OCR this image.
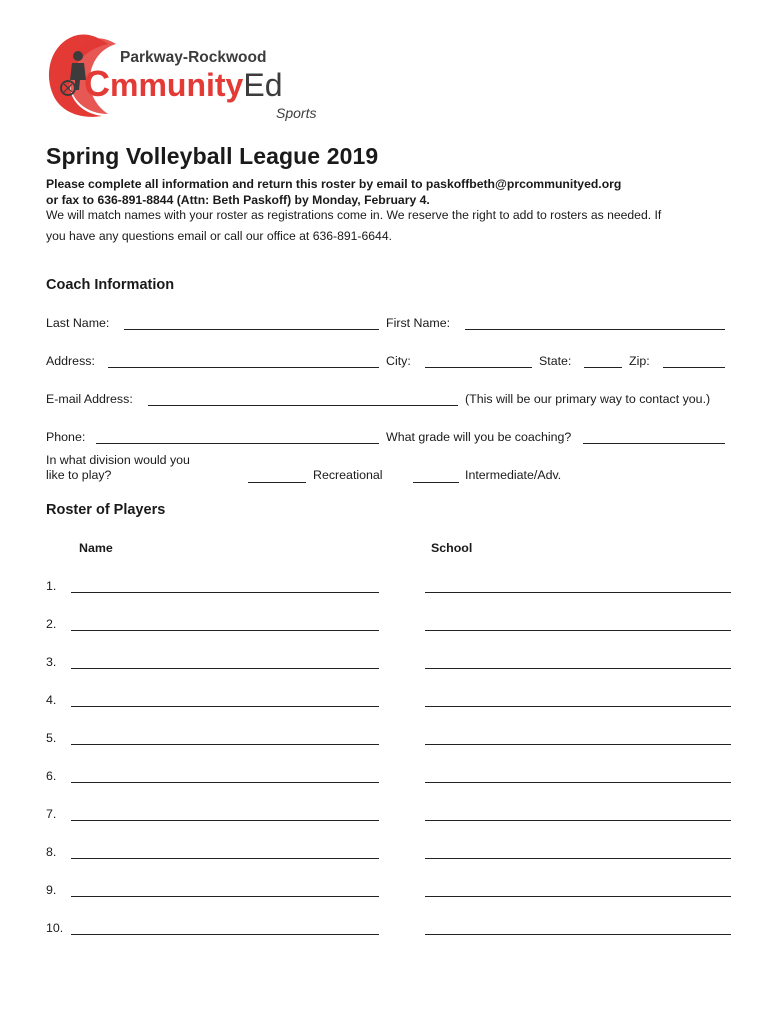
Parkway-Rockwood
CmmunityEd
Sports
Spring Volleyball League 2019
Please complete all information and return this roster by email to paskoffbeth@prcommunityed.org
or fax to 636-891-8844 (Attn: Beth Paskoff) by Monday, February 4.
We will match names with your roster as registrations come in. We reserve the right to add to rosters as needed. If
you have any questions email or call our office at 636-891-6644.
Coach Information
Last Name:	First Name:
Address:	City:	State:	Zip:
E-mail Address:	(This will be our primary way to contact you.)
Phone:	What grade will you be coaching?
In what division would you
like to play?	Recreational	Intermediate/Adv.
Roster of Players
Name	School
1.
2.
3.
4.
5.
6.
7.
8.
9.
10.
